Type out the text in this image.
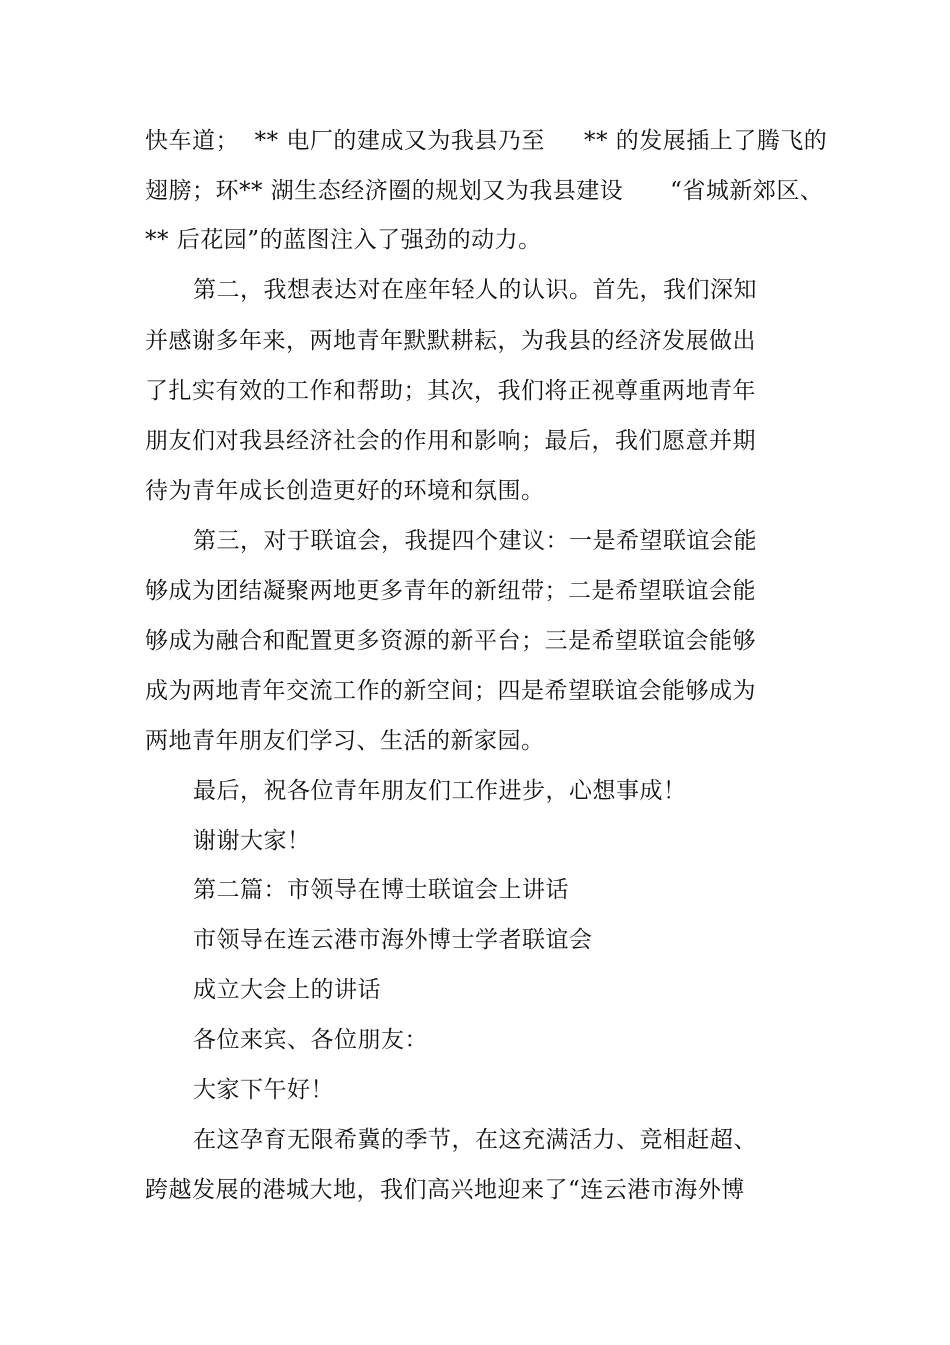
快车道；  ** 电厂的建成又为我县乃至     ** 的发展插上了腾飞的
翅膀；环** 湖生态经济圈的规划又为我县建设      “省城新郊区、
** 后花园”的蓝图注入了强劲的动力。
第二，我想表达对在座年轻人的认识。首先，我们深知
并感谢多年来，两地青年默默耕耘，为我县的经济发展做出
了扎实有效的工作和帮助；其次，我们将正视尊重两地青年
朋友们对我县经济社会的作用和影响；最后，我们愿意并期
待为青年成长创造更好的环境和氛围。
第三，对于联谊会，我提四个建议：一是希望联谊会能
够成为团结凝聚两地更多青年的新纽带；二是希望联谊会能
够成为融合和配置更多资源的新平台；三是希望联谊会能够
成为两地青年交流工作的新空间；四是希望联谊会能够成为
两地青年朋友们学习、生活的新家园。
最后，祝各位青年朋友们工作进步，心想事成！
谢谢大家！
第二篇：市领导在博士联谊会上讲话
市领导在连云港市海外博士学者联谊会
成立大会上的讲话
各位来宾、各位朋友：
大家下午好！
在这孕育无限希冀的季节，在这充满活力、竞相赶超、
跨越发展的港城大地，我们高兴地迎来了“连云港市海外博
